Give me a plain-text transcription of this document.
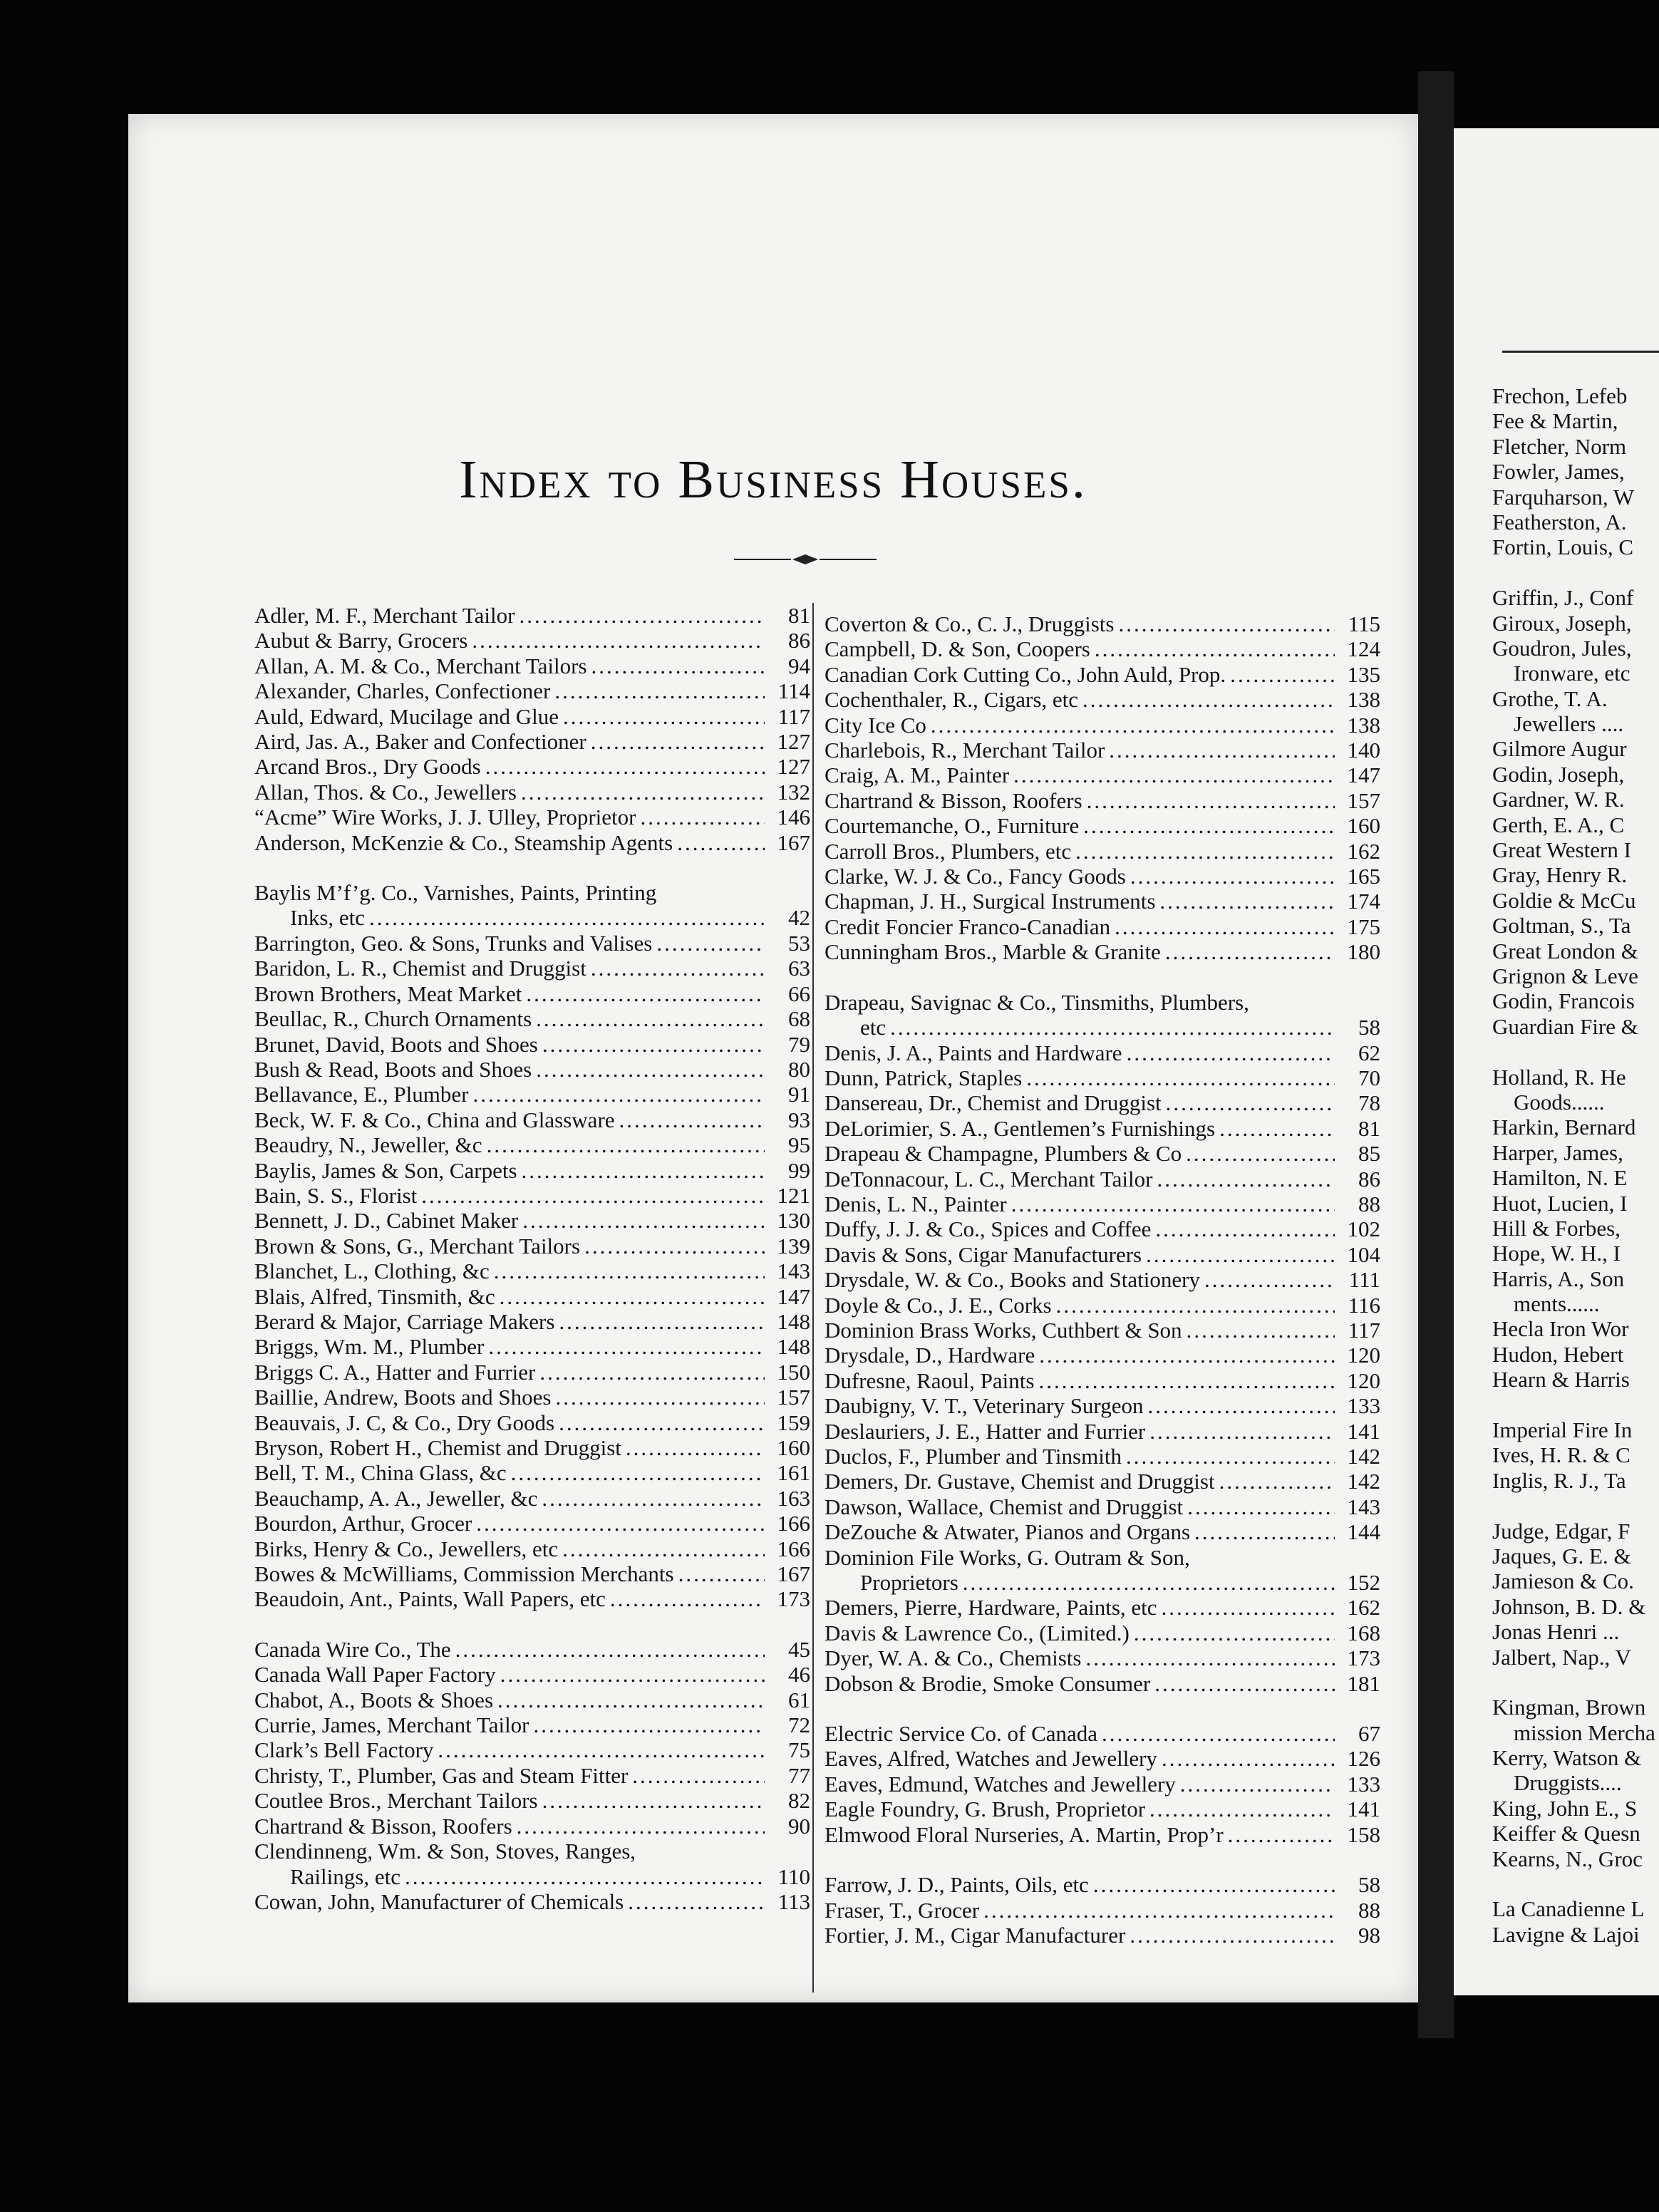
Index to Business Houses.
Adler, M. F., Merchant Tailor .....	81
Aubut & Barry, Grocers .....	86
Allan, A. M. & Co., Merchant Tailors .....	94
Alexander, Charles, Confectioner .....	114
Auld, Edward, Mucilage and Glue .....	117
Aird, Jas. A., Baker and Confectioner .....	127
Arcand Bros., Dry Goods .....	127
Allan, Thos. & Co., Jewellers .....	132
“Acme” Wire Works, J. J. Ulley, Proprietor .....	146
Anderson, McKenzie & Co., Steamship Agents .....	167
Baylis M’f’g. Co., Varnishes, Paints, Printing
Inks, etc .....	42
Barrington, Geo. & Sons, Trunks and Valises .....	53
Baridon, L. R., Chemist and Druggist .....	63
Brown Brothers, Meat Market .....	66
Beullac, R., Church Ornaments .....	68
Brunet, David, Boots and Shoes .....	79
Bush & Read, Boots and Shoes .....	80
Bellavance, E., Plumber .....	91
Beck, W. F. & Co., China and Glassware .....	93
Beaudry, N., Jeweller, &c .....	95
Baylis, James & Son, Carpets .....	99
Bain, S. S., Florist .....	121
Bennett, J. D., Cabinet Maker .....	130
Brown & Sons, G., Merchant Tailors .....	139
Blanchet, L., Clothing, &c .....	143
Blais, Alfred, Tinsmith, &c .....	147
Berard & Major, Carriage Makers .....	148
Briggs, Wm. M., Plumber .....	148
Briggs C. A., Hatter and Furrier .....	150
Baillie, Andrew, Boots and Shoes .....	157
Beauvais, J. C, & Co., Dry Goods .....	159
Bryson, Robert H., Chemist and Druggist .....	160
Bell, T. M., China Glass, &c .....	161
Beauchamp, A. A., Jeweller, &c .....	163
Bourdon, Arthur, Grocer .....	166
Birks, Henry & Co., Jewellers, etc .....	166
Bowes & McWilliams, Commission Merchants .....	167
Beaudoin, Ant., Paints, Wall Papers, etc .....	173
Canada Wire Co., The .....	45
Canada Wall Paper Factory .....	46
Chabot, A., Boots & Shoes .....	61
Currie, James, Merchant Tailor .....	72
Clark’s Bell Factory .....	75
Christy, T., Plumber, Gas and Steam Fitter .....	77
Coutlee Bros., Merchant Tailors .....	82
Chartrand & Bisson, Roofers .....	90
Clendinneng, Wm. & Son, Stoves, Ranges,
Railings, etc .....	110
Cowan, John, Manufacturer of Chemicals .....	113
Coverton & Co., C. J., Druggists .....	115
Campbell, D. & Son, Coopers .....	124
Canadian Cork Cutting Co., John Auld, Prop. .....	135
Cochenthaler, R., Cigars, etc .....	138
City Ice Co .....	138
Charlebois, R., Merchant Tailor .....	140
Craig, A. M., Painter .....	147
Chartrand & Bisson, Roofers .....	157
Courtemanche, O., Furniture .....	160
Carroll Bros., Plumbers, etc .....	162
Clarke, W. J. & Co., Fancy Goods .....	165
Chapman, J. H., Surgical Instruments .....	174
Credit Foncier Franco-Canadian .....	175
Cunningham Bros., Marble & Granite .....	180
Drapeau, Savignac & Co., Tinsmiths, Plumbers,
etc .....	58
Denis, J. A., Paints and Hardware .....	62
Dunn, Patrick, Staples .....	70
Dansereau, Dr., Chemist and Druggist .....	78
DeLorimier, S. A., Gentlemen’s Furnishings .....	81
Drapeau & Champagne, Plumbers & Co .....	85
DeTonnacour, L. C., Merchant Tailor .....	86
Denis, L. N., Painter .....	88
Duffy, J. J. & Co., Spices and Coffee .....	102
Davis & Sons, Cigar Manufacturers .....	104
Drysdale, W. & Co., Books and Stationery .....	111
Doyle & Co., J. E., Corks .....	116
Dominion Brass Works, Cuthbert & Son .....	117
Drysdale, D., Hardware .....	120
Dufresne, Raoul, Paints .....	120
Daubigny, V. T., Veterinary Surgeon .....	133
Deslauriers, J. E., Hatter and Furrier .....	141
Duclos, F., Plumber and Tinsmith .....	142
Demers, Dr. Gustave, Chemist and Druggist .....	142
Dawson, Wallace, Chemist and Druggist .....	143
DeZouche & Atwater, Pianos and Organs .....	144
Dominion File Works, G. Outram & Son,
Proprietors .....	152
Demers, Pierre, Hardware, Paints, etc .....	162
Davis & Lawrence Co., (Limited.) .....	168
Dyer, W. A. & Co., Chemists .....	173
Dobson & Brodie, Smoke Consumer .....	181
Electric Service Co. of Canada .....	67
Eaves, Alfred, Watches and Jewellery .....	126
Eaves, Edmund, Watches and Jewellery .....	133
Eagle Foundry, G. Brush, Proprietor .....	141
Elmwood Floral Nurseries, A. Martin, Prop’r .....	158
Farrow, J. D., Paints, Oils, etc .....	58
Fraser, T., Grocer .....	88
Fortier, J. M., Cigar Manufacturer .....	98
Frechon, Lefeb
Fee & Martin,
Fletcher, Norm
Fowler, James,
Farquharson, W
Featherston, A.
Fortin, Louis, C
Griffin, J., Conf
Giroux, Joseph,
Goudron, Jules,
Ironware, etc
Grothe, T. A.
Jewellers ....
Gilmore Augur
Godin, Joseph,
Gardner, W. R.
Gerth, E. A., C
Great Western I
Gray, Henry R.
Goldie & McCu
Goltman, S., Ta
Great London &
Grignon & Leve
Godin, Francois
Guardian Fire &
Holland, R. He
Goods......
Harkin, Bernard
Harper, James,
Hamilton, N. E
Huot, Lucien, I
Hill & Forbes,
Hope, W. H., I
Harris, A., Son
ments......
Hecla Iron Wor
Hudon, Hebert
Hearn & Harris
Imperial Fire In
Ives, H. R. & C
Inglis, R. J., Ta
Judge, Edgar, F
Jaques, G. E. &
Jamieson & Co.
Johnson, B. D. &
Jonas Henri ...
Jalbert, Nap., V
Kingman, Brown
mission Mercha
Kerry, Watson &
Druggists....
King, John E., S
Keiffer & Quesn
Kearns, N., Groc
La Canadienne L
Lavigne & Lajoi
